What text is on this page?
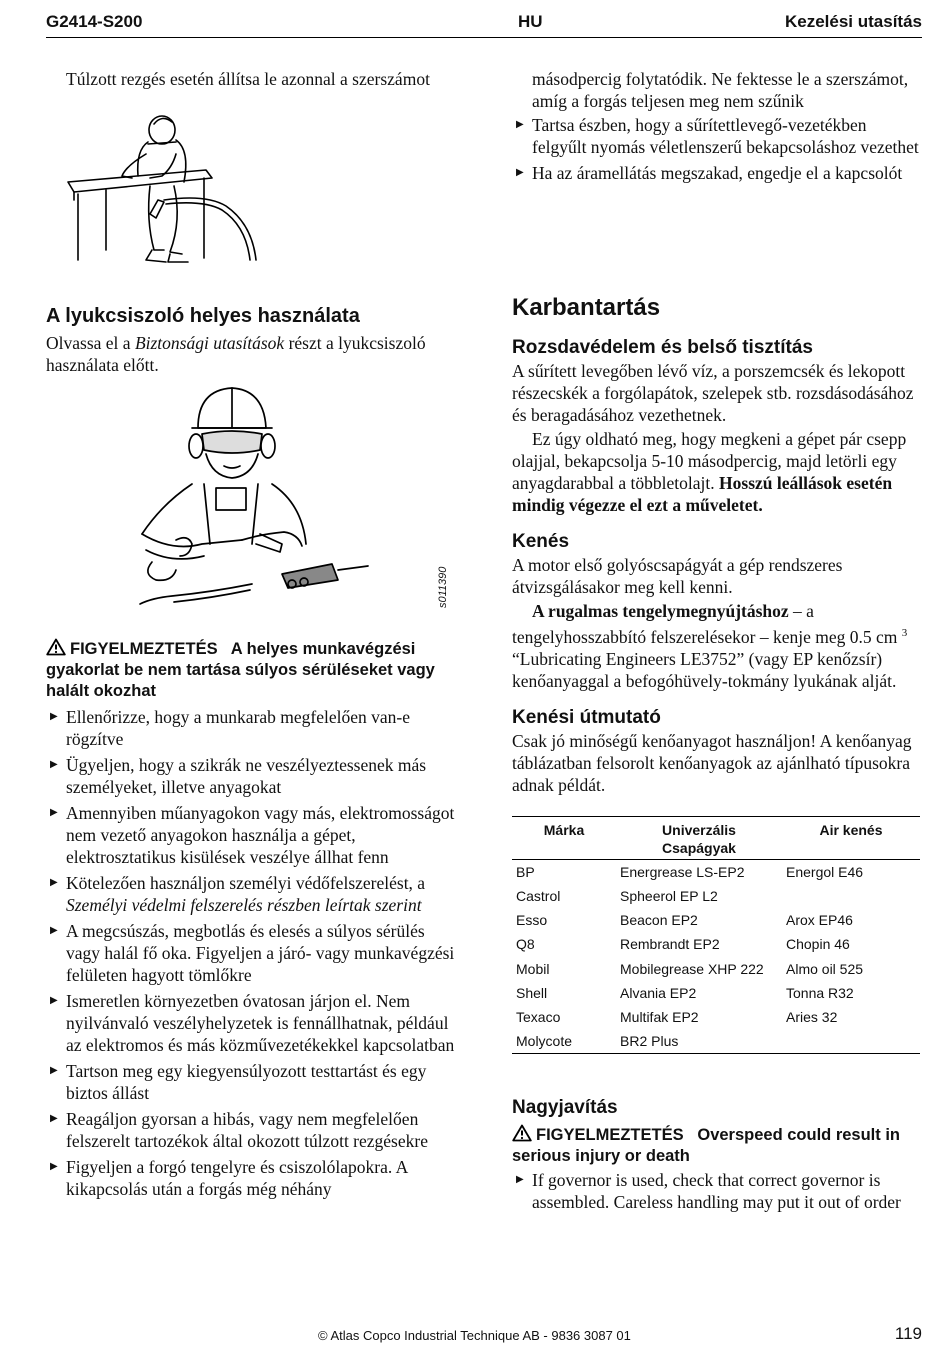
G2414-S200	HU	Kezelési utasítás

Túlzott rezgés esetén állítsa le azonnal a szerszámot

A lyukcsiszoló helyes használata

Olvassa el a Biztonsági utasítások részt a lyukcsiszoló használata előtt.

s011390
FIGYELMEZTETÉS A helyes munkavégzési gyakorlat be nem tartása súlyos sérüléseket vagy halált okozhat
▶ Ellenőrizze, hogy a munkarab megfelelően van-e rögzítve
▶ Ügyeljen, hogy a szikrák ne veszélyeztessenek más személyeket, illetve anyagokat
▶ Amennyiben műanyagokon vagy más, elektromosságot nem vezető anyagokon használja a gépet, elektrosztatikus kisülések veszélye állhat fenn
▶ Kötelezően használjon személyi védőfelszerelést, a Személyi védelmi felszerelés részben leírtak szerint
▶ A megcsúszás, megbotlás és elesés a súlyos sérülés vagy halál fő oka. Figyeljen a járó- vagy munkavégzési felületen hagyott tömlőkre
▶ Ismeretlen környezetben óvatosan járjon el. Nem nyilvánvaló veszélyhelyzetek is fennállhatnak, például az elektromos és más közművezetékekkel kapcsolatban
▶ Tartson meg egy kiegyensúlyozott testtartást és egy biztos állást
▶ Reagáljon gyorsan a hibás, vagy nem megfelelően felszerelt tartozékok által okozott túlzott rezgésekre
▶ Figyeljen a forgó tengelyre és csiszolólapokra. A kikapcsolás után a forgás még néhány

másodpercig folytatódik. Ne fektesse le a szerszámot, amíg a forgás teljesen meg nem szűnik

▶ Tartsa észben, hogy a sűrítettlevegő-vezetékben felgyűlt nyomás véletlenszerű bekapcsoláshoz vezethet
▶ Ha az áramellátás megszakad, engedje el a kapcsolót
Karbantartás
Rozsdavédelem és belső tisztítás

A sűrített levegőben lévő víz, a porszemcsék és lekopott részecskék a forgólapátok, szelepek stb. rozsdásodásához és beragadásához vezethetnek.

Ez úgy oldható meg, hogy megkeni a gépet pár csepp olajjal, bekapcsolja 5-10 másodpercig, majd letörli egy anyagdarabbal a többletolajt. Hosszú leállások esetén mindig végezze el ezt a műveletet.

Kenés

A motor első golyóscsapágyát a gép rendszeres átvizsgálásakor meg kell kenni.

A rugalmas tengelymegnyújtáshoz – a tengelyhosszabbító felszerelésekor – kenje meg 0.5 cm $^3$ “Lubricating Engineers LE3752” (vagy EP kenőzsír) kenőanyaggal a befogóhüvely-tokmány lyukának alját.

Kenési útmutató

Csak jó minőségű kenőanyagot használjon! A kenőanyag táblázatban felsorolt kenőanyagok az ajánlható típusokra adnak példát.

Márka	Univerzális Csapágyak	Air kenés
BP	Energrease LS-EP2	Energol E46
Castrol	Spheerol EP L2	
Esso	Beacon EP2	Arox EP46
Q8	Rembrandt EP2	Chopin 46
Mobil	Mobilegrease XHP 222	Almo oil 525
Shell	Alvania EP2	Tonna R32
Texaco	Multifak EP2	Aries 32
Molycote	BR2 Plus	
Nagyjavítás
FIGYELMEZTETÉS Overspeed could result in serious injury or death
▶ If governor is used, check that correct governor is assembled. Careless handling may put it out of order
© Atlas Copco Industrial Technique AB - 9836 3087 01	119
